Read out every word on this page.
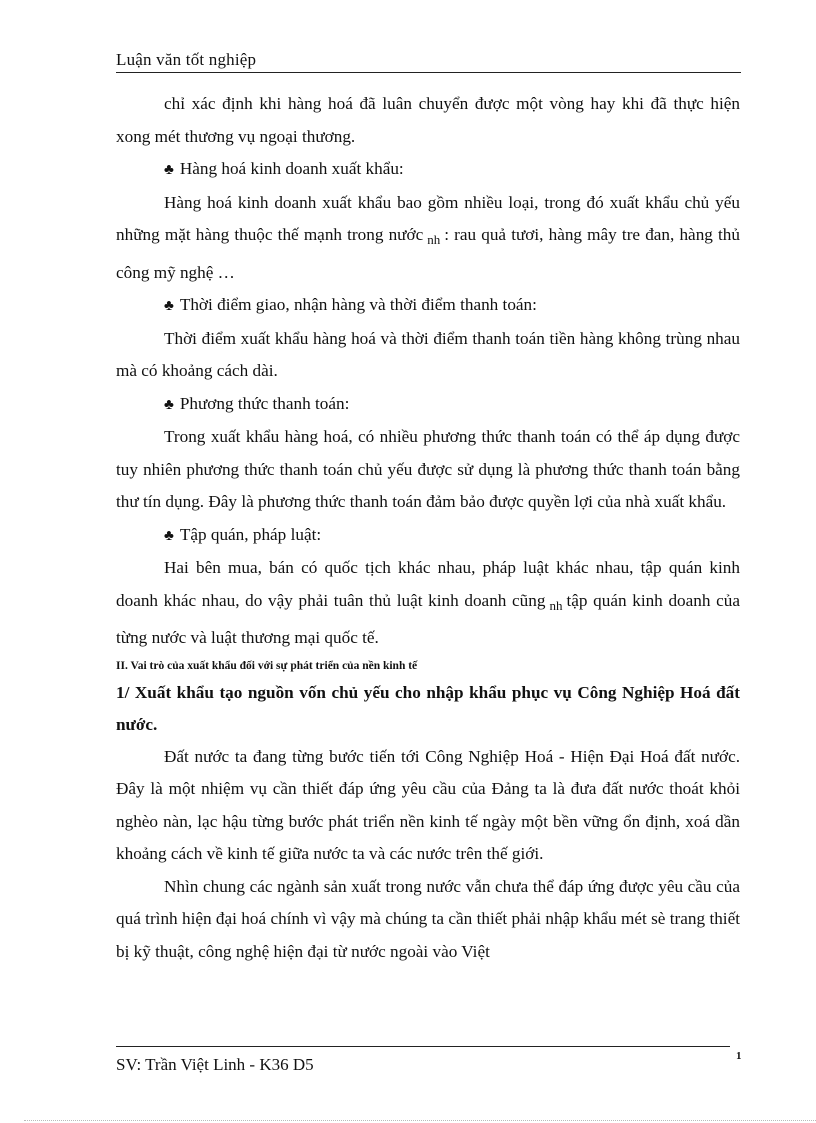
Luận văn tốt nghiệp

chỉ xác định khi hàng hoá đã luân chuyển được một vòng hay khi đã thực hiện xong mét thương vụ ngoại thương.

♣ Hàng hoá kinh doanh xuất khẩu:

Hàng hoá kinh doanh xuất khẩu bao gồm nhiều loại, trong đó xuất khẩu chủ yếu những mặt hàng thuộc thế mạnh trong nước $_{nh}$ : rau quả tươi, hàng mây tre đan, hàng thủ công mỹ nghệ …

♣ Thời điểm giao, nhận hàng và thời điểm thanh toán:

Thời điểm xuất khẩu hàng hoá và thời điểm thanh toán tiền hàng không trùng nhau mà có khoảng cách dài.

♣ Phương thức thanh toán:

Trong xuất khẩu hàng hoá, có nhiều phương thức thanh toán có thể áp dụng được tuy nhiên phương thức thanh toán chủ yếu được sử dụng là phương thức thanh toán bằng thư tín dụng. Đây là phương thức thanh toán đảm bảo được quyền lợi của nhà xuất khẩu.

♣ Tập quán, pháp luật:

Hai bên mua, bán có quốc tịch khác nhau, pháp luật khác nhau, tập quán kinh doanh khác nhau, do vậy phải tuân thủ luật kinh doanh cũng $_{nh}$ tập quán kinh doanh của từng nước và luật thương mại quốc tế.

II. Vai trò của xuất khẩu đối với sự phát triển của nền kinh tế

1/ Xuất khẩu tạo nguồn vốn chủ yếu cho nhập khẩu phục vụ Công Nghiệp Hoá đất nước.

Đất nước ta đang từng bước tiến tới Công Nghiệp Hoá - Hiện Đại Hoá đất nước. Đây là một nhiệm vụ cần thiết đáp ứng yêu cầu của Đảng ta là đưa đất nước thoát khỏi nghèo nàn, lạc hậu từng bước phát triển nền kinh tế ngày một bền vững ổn định, xoá dần khoảng cách về kinh tế giữa nước ta và các nước trên thế giới.

Nhìn chung các ngành sản xuất trong nước vẫn chưa thể đáp ứng được yêu cầu của quá trình hiện đại hoá chính vì vậy mà chúng ta cần thiết phải nhập khẩu mét sè trang thiết bị kỹ thuật, công nghệ hiện đại từ nước ngoài vào Việt

SV: Trần Việt Linh - K36 D5	1
